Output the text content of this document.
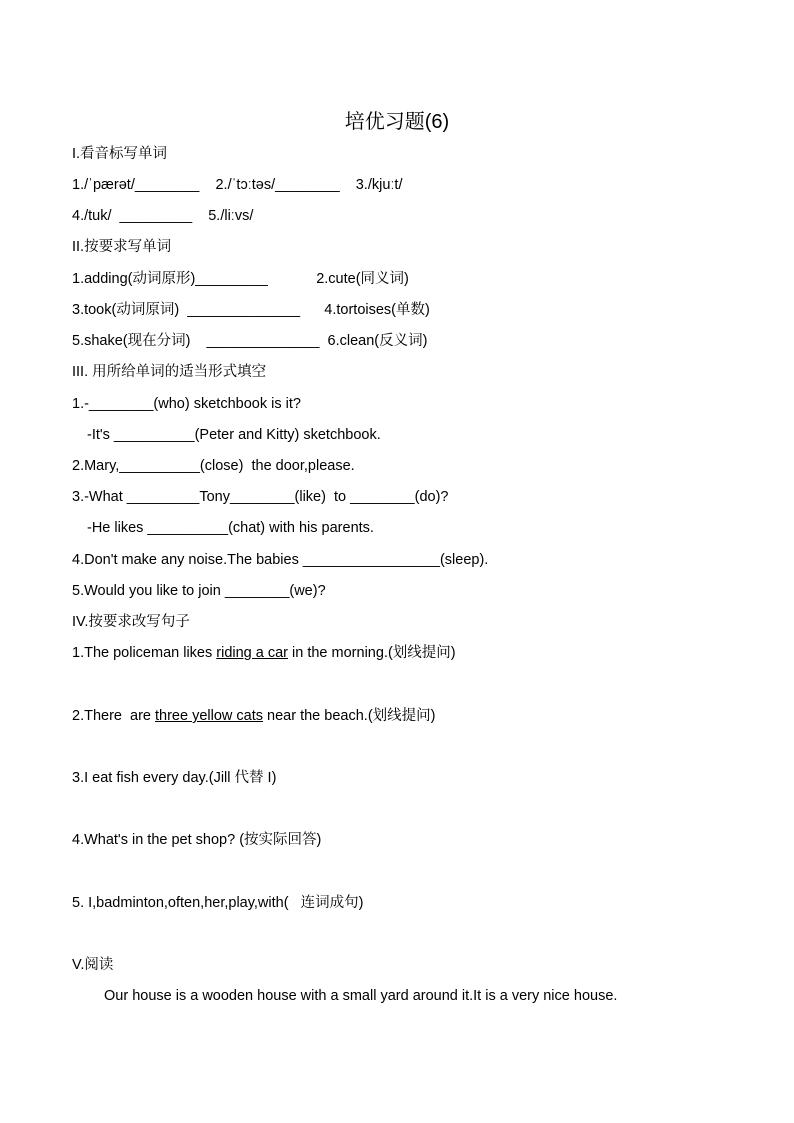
培优习题(6)
I.看音标写单词
1./ˈpærət/________    2./ˈtɔːtəs/________    3./kjuːt/
4./tuk/  _________    5./liːvs/
II.按要求写单词
1.adding(动词原形)_________            2.cute(同义词)
3.took(动词原词)  ______________      4.tortoises(单数)
5.shake(现在分词)    ______________  6.clean(反义词)
III. 用所给单词的适当形式填空
1.-________(who) sketchbook is it?
-It's __________(Peter and Kitty) sketchbook.
2.Mary,__________(close)  the door,please.
3.-What _________Tony________(like)  to ________(do)?
-He likes __________(chat) with his parents.
4.Don't make any noise.The babies _________________(sleep).
5.Would you like to join ________(we)?
IV.按要求改写句子
1.The policeman likes riding a car in the morning.(划线提问)
2.There  are three yellow cats near the beach.(划线提问)
3.I eat fish every day.(Jill 代替 I)
4.What's in the pet shop? (按实际回答)
5. I,badminton,often,her,play,with(   连词成句)
V.阅读
Our house is a wooden house with a small yard around it.It is a very nice house.
